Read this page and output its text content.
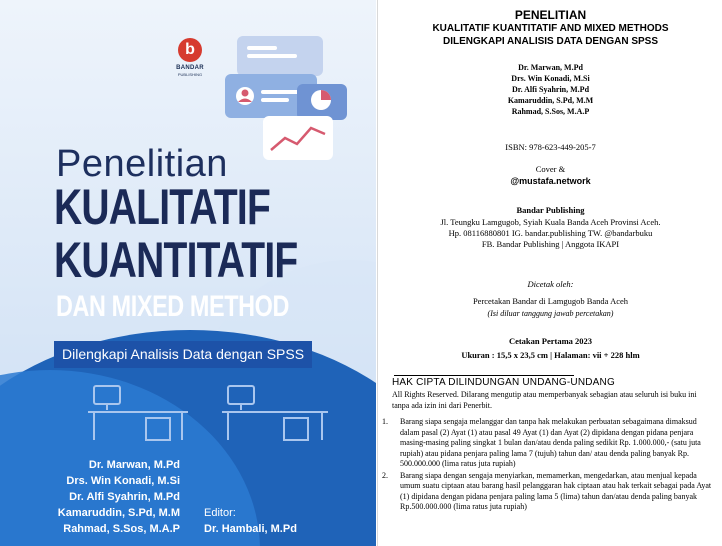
b
BANDAR
PUBLISHING
Penelitian
KUALITATIF
KUANTITATIF
DAN MIXED METHOD
Dilengkapi Analisis Data dengan SPSS
Dr. Marwan, M.Pd
Drs. Win Konadi, M.Si
Dr. Alfi Syahrin, M.Pd
Kamaruddin, S.Pd, M.M
Rahmad, S.Sos, M.A.P
Editor:
Dr. Hambali, M.Pd
PENELITIAN
KUALITATIF KUANTITATIF AND MIXED METHODS
DILENGKAPI ANALISIS DATA DENGAN SPSS
Dr. Marwan, M.Pd
Drs. Win Konadi, M.Si
Dr. Alfi Syahrin, M.Pd
Kamaruddin, S.Pd, M.M
Rahmad, S.Sos, M.A.P
ISBN: 978-623-449-205-7
Cover &
@mustafa.network
Bandar Publishing
Jl. Teungku Lamgugob, Syiah Kuala Banda Aceh Provinsi Aceh.
Hp. 08116880801 IG. bandar.publishing TW. @bandarbuku
FB. Bandar Publishing | Anggota IKAPI
Dicetak oleh:
Percetakan Bandar di Lamgugob Banda Aceh
(Isi diluar tanggung jawab percetakan)
Cetakan Pertama 2023
Ukuran : 15,5 x 23,5 cm | Halaman: vii + 228 hlm
HAK CIPTA DILINDUNGAN UNDANG-UNDANG
All Rights Reserved. Dilarang mengutip atau memperbanyak sebagian atau seluruh isi buku ini tanpa ada izin ini dari Penerbit.
1. Barang siapa sengaja melanggar dan tanpa hak melakukan perbuatan sebagaimana dimaksud dalam pasal (2) Ayat (1) atau pasal 49 Ayat (1) dan Ayat (2) dipidana dengan pidana penjara masing-masing paling singkat 1 bulan dan/atau denda paling sedikit Rp. 1.000.000,- (satu juta rupiah) atau pidana penjara paling lama 7 (tujuh) tahun dan/ atau denda paling banyak Rp. 500.000.000 (lima ratus juta rupiah)
2. Barang siapa dengan sengaja menyiarkan, memamerkan, mengedarkan, atau menjual kepada umum suatu ciptaan atau barang hasil pelanggaran hak ciptaan atau hak terkait sebagai pada Ayat (1) dipidana dengan pidana penjara paling lama 5 (lima) tahun dan/atau denda paling banyak Rp.500.000.000 (lima ratus juta rupiah)
